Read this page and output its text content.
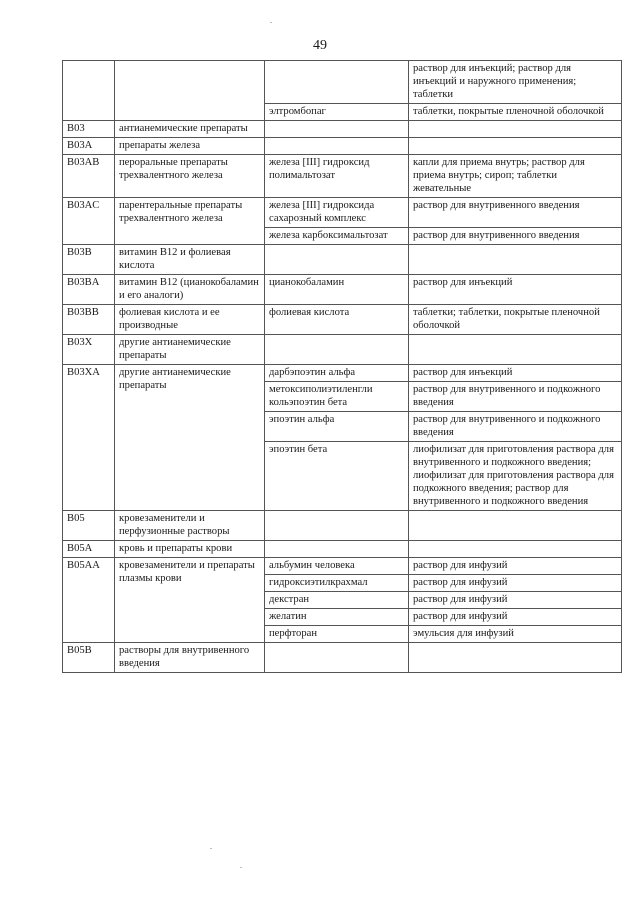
49
			раствор для инъекций; раствор для инъекций и наружного применения; таблетки
		элтромбопаг	таблетки, покрытые пленочной оболочкой
B03	антианемические препараты		
B03A	препараты железа		
B03AB	пероральные препараты трехвалентного железа	железа [III] гидроксид полимальтозат	капли для приема внутрь; раствор для приема внутрь; сироп; таблетки жевательные
B03AC	парентеральные препараты трехвалентного железа	железа [III] гидроксида сахарозный комплекс	раствор для внутривенного введения
		железа карбоксимальтозат	раствор для внутривенного введения
B03B	витамин B12 и фолиевая кислота		
B03BA	витамин B12 (цианокобаламин и его аналоги)	цианокобаламин	раствор для инъекций
B03BB	фолиевая кислота и ее производные	фолиевая кислота	таблетки; таблетки, покрытые пленочной оболочкой
B03X	другие антианемические препараты		
B03XA	другие антианемические препараты	дарбэпоэтин альфа	раствор для инъекций
		метоксиполиэтиленгли кольэпоэтин бета	раствор для внутривенного и подкожного введения
		эпоэтин альфа	раствор для внутривенного и подкожного введения
		эпоэтин бета	лиофилизат для приготовления раствора для внутривенного и подкожного введения; лиофилизат для приготовления раствора для подкожного введения; раствор для внутривенного и подкожного введения
B05	кровезаменители и перфузионные растворы		
B05A	кровь и препараты крови		
B05AA	кровезаменители и препараты плазмы крови	альбумин человека	раствор для инфузий
		гидроксиэтилкрахмал	раствор для инфузий
		декстран	раствор для инфузий
		желатин	раствор для инфузий
		перфторан	эмульсия для инфузий
B05B	растворы для внутривенного введения		
